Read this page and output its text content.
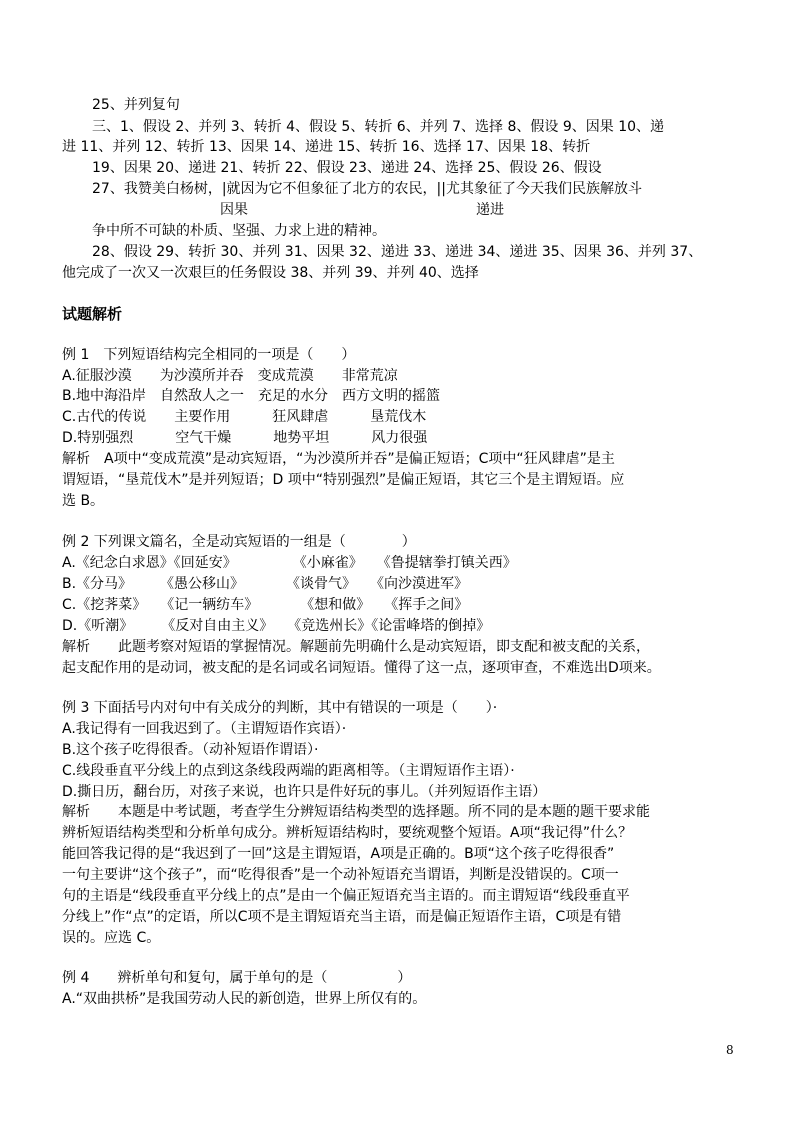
25、并列复句
三、1、假设 2、并列 3、转折 4、假设 5、转折 6、并列 7、选择 8、假设 9、因果 10、递
进 11、并列 12、转折 13、因果 14、递进 15、转折 16、选择 17、因果 18、转折
19、因果 20、递进 21、转折 22、假设 23、递进 24、选择 25、假设 26、假设
27、我赞美白杨树，|就因为它不但象征了北方的农民，||尤其象征了今天我们民族解放斗
因果	递进
争中所不可缺的朴质、坚强、力求上进的精神。
28、假设 29、转折 30、并列 31、因果 32、递进 33、递进 34、递进 35、因果 36、并列 37、
他完成了一次又一次艰巨的任务假设 38、并列 39、并列 40、选择
试题解析
例 1　下列短语结构完全相同的一项是（　　）
A.征服沙漠　　为沙漠所并吞　变成荒漠　　非常荒凉
B.地中海沿岸　自然敌人之一　充足的水分　西方文明的摇篮
C.古代的传说　　主要作用　　　狂风肆虐　　　垦荒伐木
D.特别强烈　　　空气干燥　　　地势平坦　　　风力很强
解析　A项中“变成荒漠”是动宾短语，“为沙漠所并吞”是偏正短语；C项中“狂风肆虐”是主
谓短语，“垦荒伐木”是并列短语；D 项中“特别强烈”是偏正短语，其它三个是主谓短语。应
选 B。
例 2 下列课文篇名，全是动宾短语的一组是（　　　　）
A.《纪念白求恩》《回延安》　　　　　《小麻雀》　　《鲁提辖拳打镇关西》
B.《分马》　　　《愚公移山》　　　　《谈骨气》　　《向沙漠进军》
C.《挖荠菜》　　《记一辆纺车》　　　　《想和做》　　《挥手之间》
D.《听潮》　　　《反对自由主义》　　《竞选州长》《论雷峰塔的倒掉》
解析　　此题考察对短语的掌握情况。解题前先明确什么是动宾短语，即支配和被支配的关系，
起支配作用的是动词，被支配的是名词或名词短语。懂得了这一点，逐项审查，不难选出D项来。
例 3 下面括号内对句中有关成分的判断，其中有错误的一项是（　　）·
A.我记得有一回我迟到了。（主谓短语作宾语）·
B.这个孩子吃得很香。（动补短语作谓语）·
C.线段垂直平分线上的点到这条线段两端的距离相等。（主谓短语作主语）·
D.撕日历，翻台历，对孩子来说，也许只是件好玩的事儿。（并列短语作主语）
解析　　本题是中考试题，考查学生分辨短语结构类型的选择题。所不同的是本题的题干要求能
辨析短语结构类型和分析单句成分。辨析短语结构时，要统观整个短语。A项“我记得”什么？
能回答我记得的是“我迟到了一回”这是主谓短语，A项是正确的。B项“这个孩子吃得很香”
一句主要讲“这个孩子”，而“吃得很香”是一个动补短语充当谓语，判断是没错误的。C项一
句的主语是“线段垂直平分线上的点”是由一个偏正短语充当主语的。而主谓短语“线段垂直平
分线上”作“点”的定语，所以C项不是主谓短语充当主语，而是偏正短语作主语，C项是有错
误的。应选 C。
例 4　　辨析单句和复句，属于单句的是（　　　　　）
A.“双曲拱桥”是我国劳动人民的新创造，世界上所仅有的。
8
